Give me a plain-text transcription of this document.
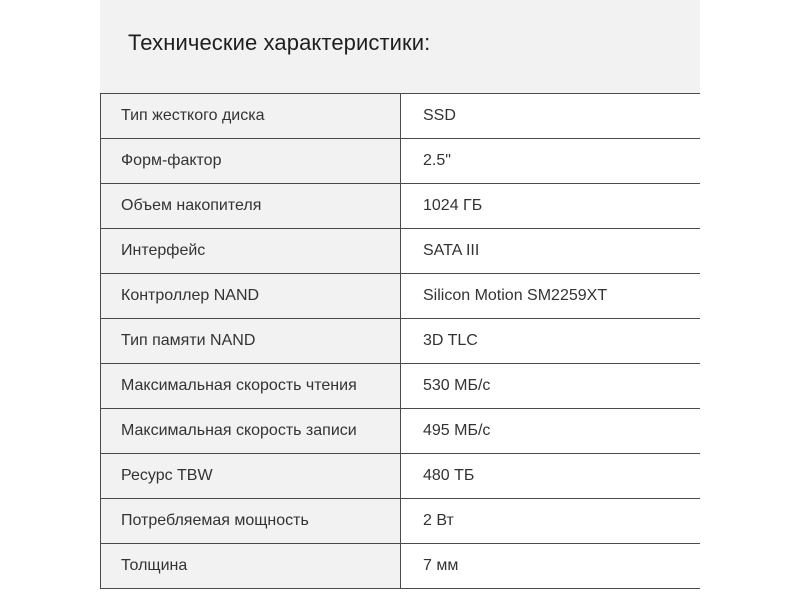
Технические характеристики:
Тип жесткого диска	SSD
Форм-фактор	2.5"
Объем накопителя	1024 ГБ
Интерфейс	SATA III
Контроллер NAND	Silicon Motion SM2259XT
Тип памяти NAND	3D TLC
Максимальная скорость чтения	530 МБ/с
Максимальная скорость записи	495 МБ/с
Ресурс TBW	480 ТБ
Потребляемая мощность	2 Вт
Толщина	7 мм
